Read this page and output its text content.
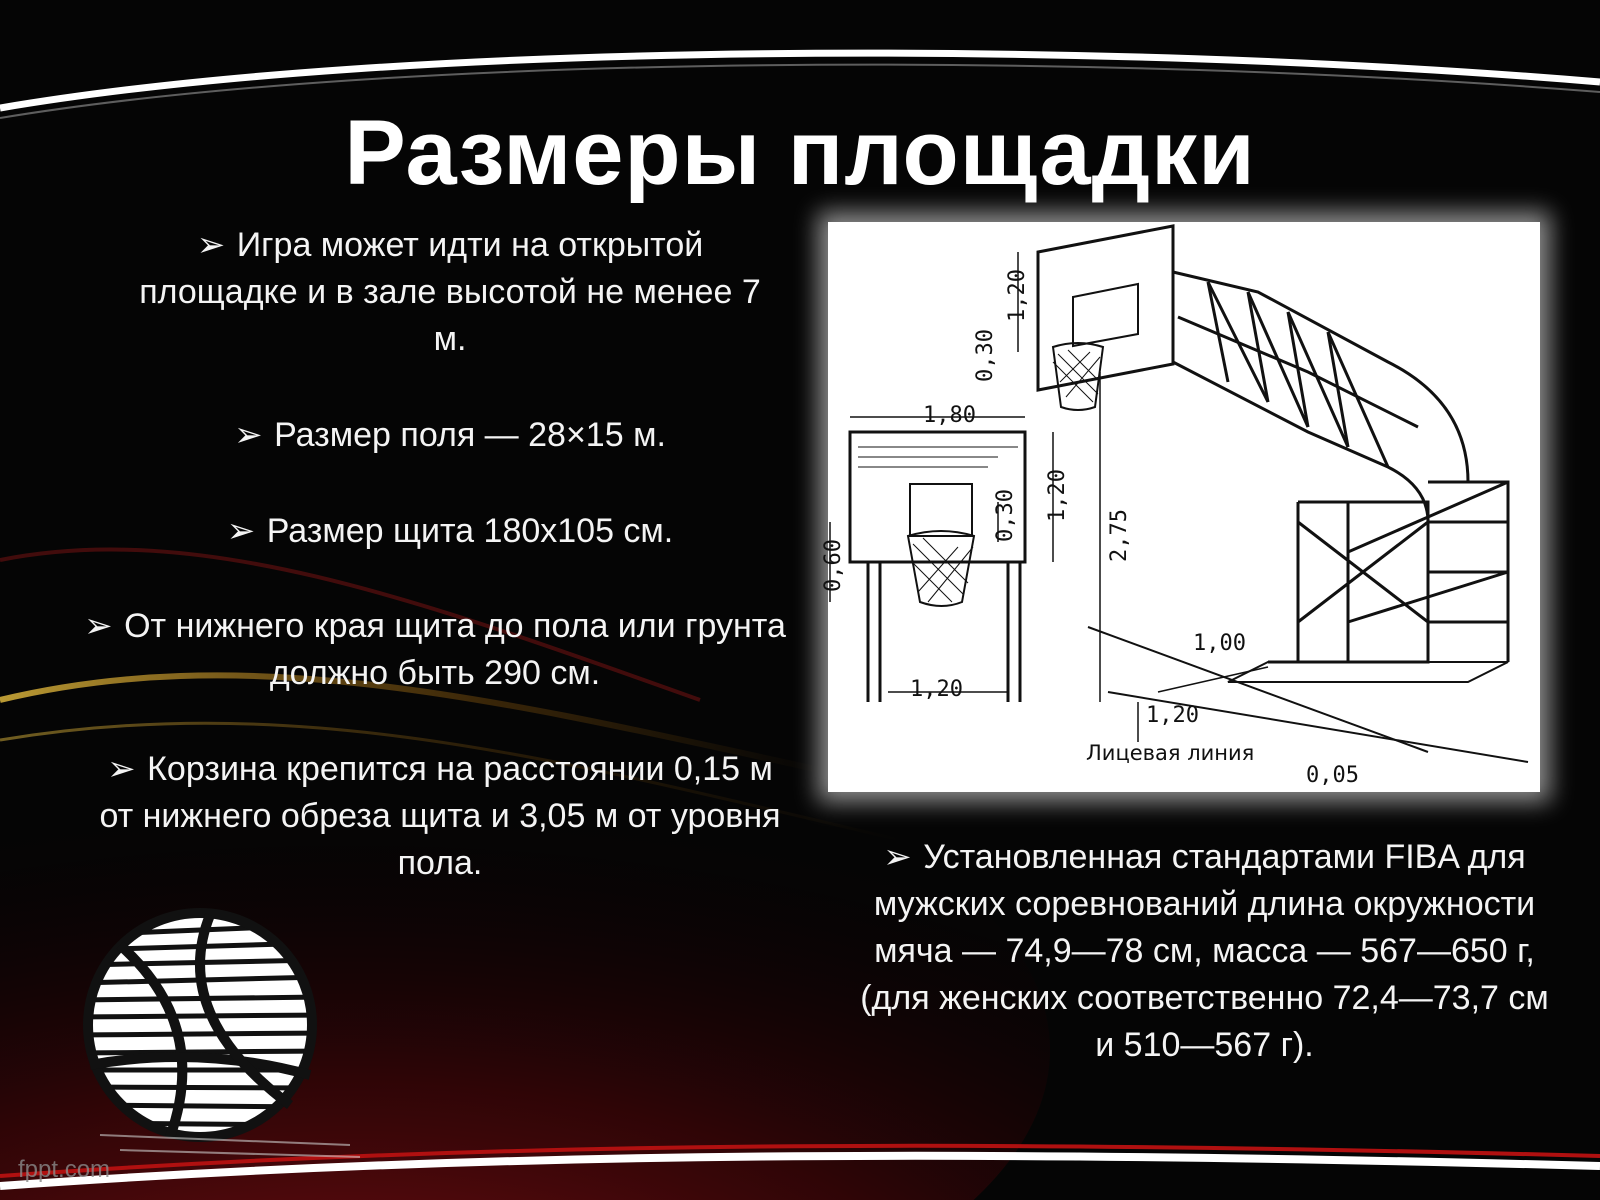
Размеры площадки
➢ Игра может идти на открытой площадке и в зале высотой не менее 7 м.
➢ Размер поля — 28×15 м.
➢ Размер щита 180х105 см.
➢ От нижнего края щита до пола или грунта должно быть 290 см.
➢ Корзина крепится на расстоянии 0,15 м от нижнего обреза щита и 3,05 м от уровня пола.	➢ Установленная стандартами FIBA для мужских соревнований длина окружности мяча — 74,9—78 см, масса — 567—650 г, (для женских соответственно 72,4—73,7 см и 510—567 г).
1,20
0,30
1,80
1,20
0,30
0,60
2,75
1,00
1,20
1,20
0,05
Лицевая линия
fppt.com
